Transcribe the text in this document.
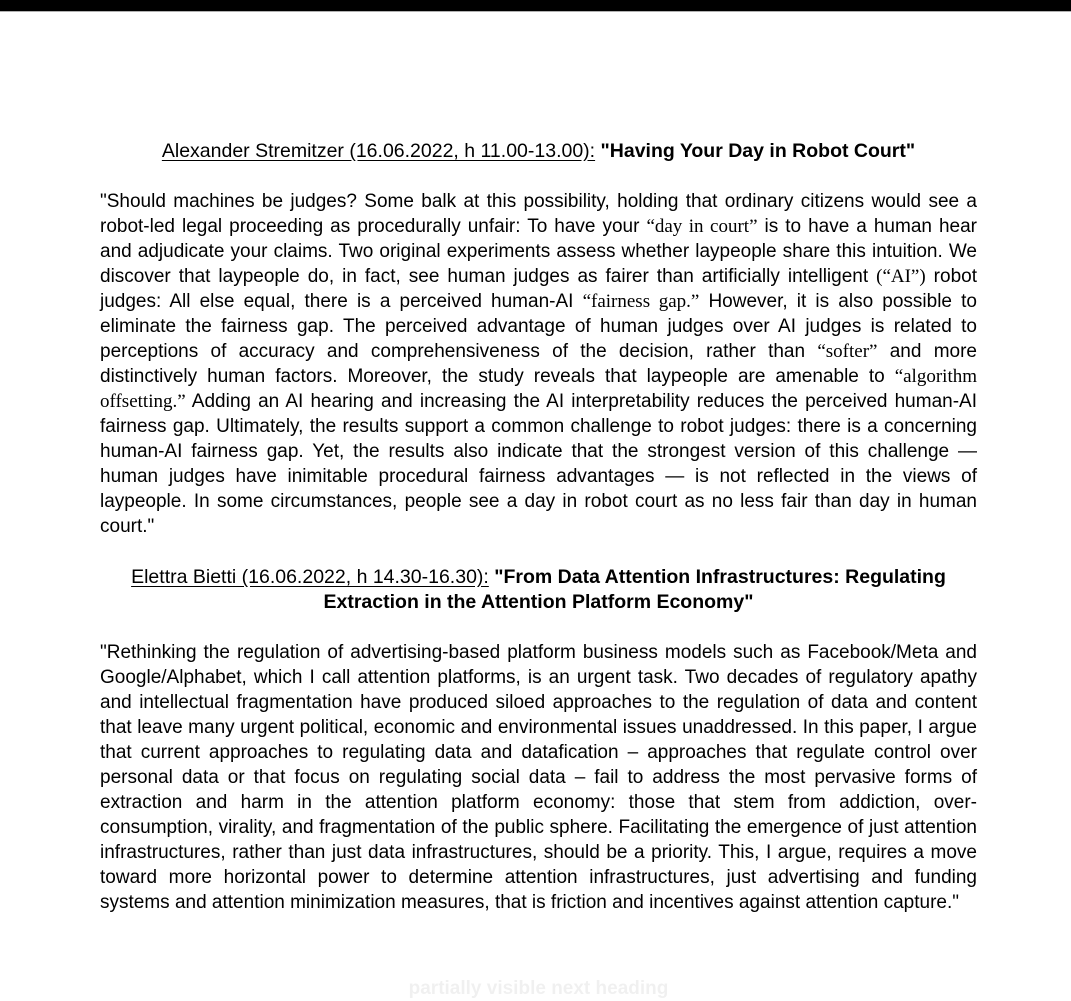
Alexander Stremitzer (16.06.2022, h 11.00-13.00): "Having Your Day in Robot Court"

"Should machines be judges? Some balk at this possibility, holding that ordinary citizens would see a robot-led legal proceeding as procedurally unfair: To have your “day in court” is to have a human hear and adjudicate your claims. Two original experiments assess whether laypeople share this intuition. We discover that laypeople do, in fact, see human judges as fairer than artificially intelligent (“AI”) robot judges: All else equal, there is a perceived human-AI “fairness gap.” However, it is also possible to eliminate the fairness gap. The perceived advantage of human judges over AI judges is related to perceptions of accuracy and comprehensiveness of the decision, rather than “softer” and more distinctively human factors. Moreover, the study reveals that laypeople are amenable to “algorithm offsetting.” Adding an AI hearing and increasing the AI interpretability reduces the perceived human-AI fairness gap. Ultimately, the results support a common challenge to robot judges: there is a concerning human-AI fairness gap. Yet, the results also indicate that the strongest version of this challenge — human judges have inimitable procedural fairness advantages — is not reflected in the views of laypeople. In some circumstances, people see a day in robot court as no less fair than day in human court."

Elettra Bietti (16.06.2022, h 14.30-16.30): "From Data Attention Infrastructures: Regulating Extraction in the Attention Platform Economy"

"Rethinking the regulation of advertising-based platform business models such as Facebook/Meta and Google/Alphabet, which I call attention platforms, is an urgent task. Two decades of regulatory apathy and intellectual fragmentation have produced siloed approaches to the regulation of data and content that leave many urgent political, economic and environmental issues unaddressed. In this paper, I argue that current approaches to regulating data and datafication – approaches that regulate control over personal data or that focus on regulating social data – fail to address the most pervasive forms of extraction and harm in the attention platform economy: those that stem from addiction, over-consumption, virality, and fragmentation of the public sphere. Facilitating the emergence of just attention infrastructures, rather than just data infrastructures, should be a priority. This, I argue, requires a move toward more horizontal power to determine attention infrastructures, just advertising and funding systems and attention minimization measures, that is friction and incentives against attention capture."

partially visible next heading
